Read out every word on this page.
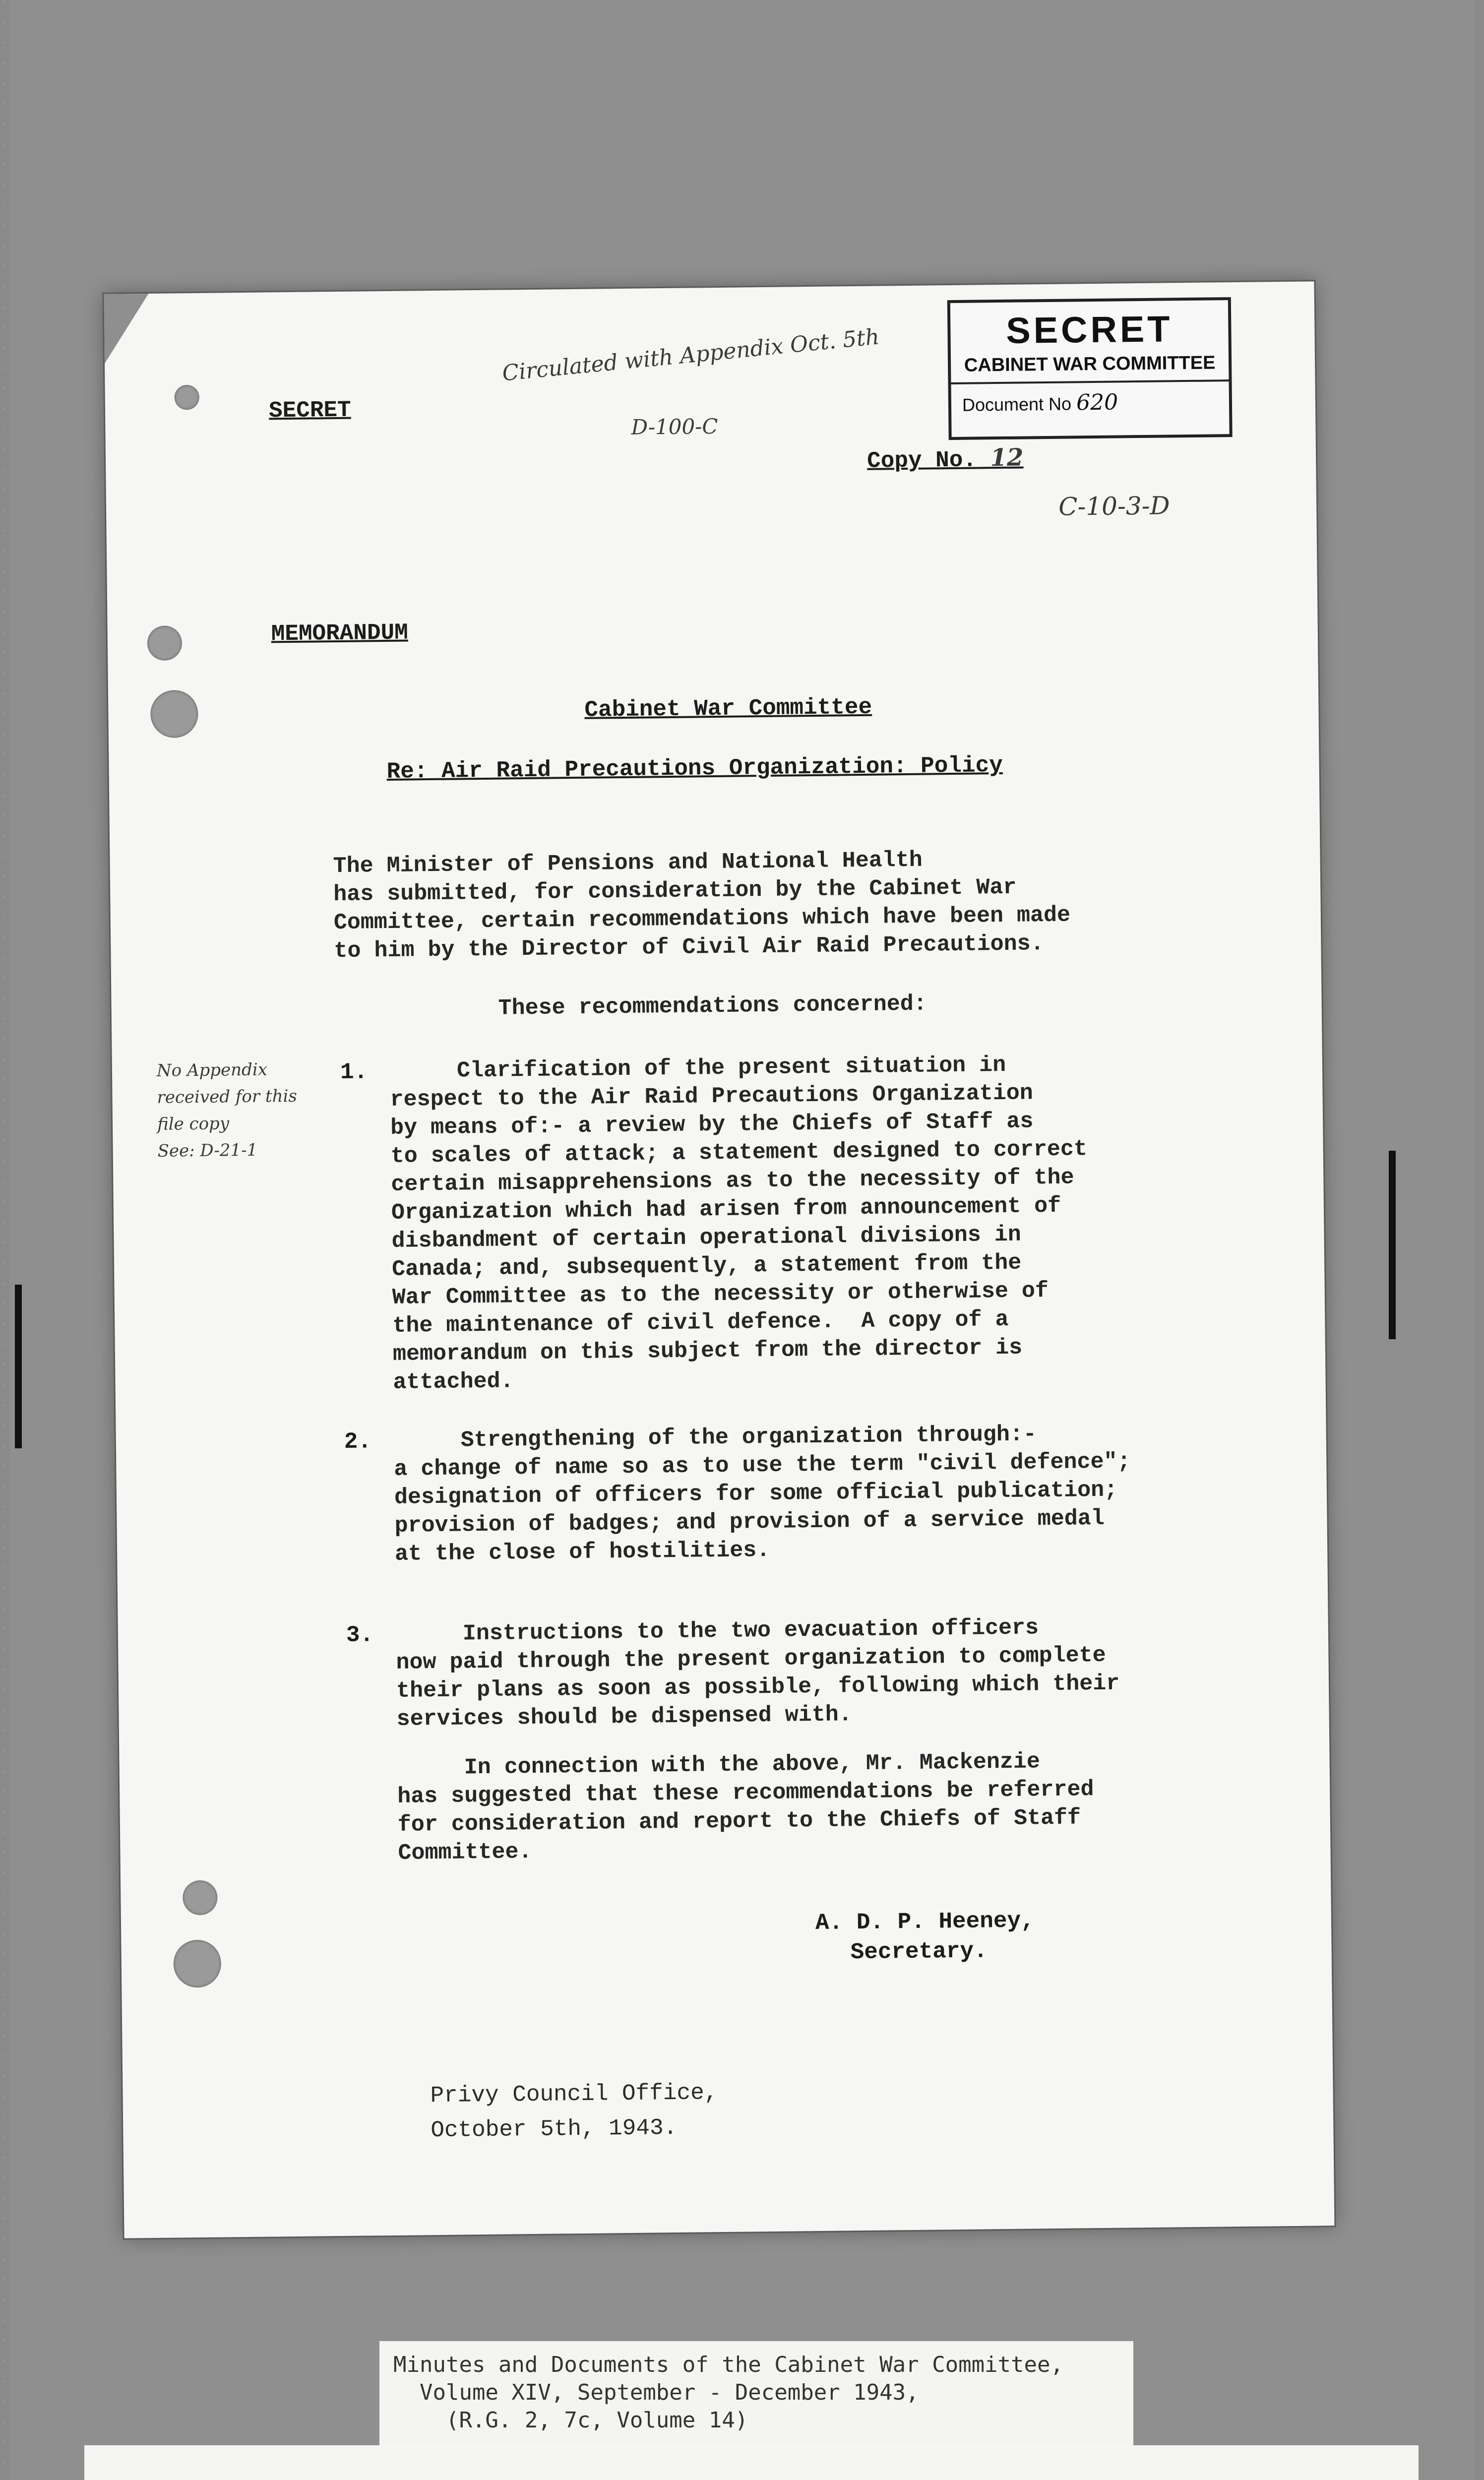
SECRET
CABINET WAR COMMITTEE
Document No 620
SECRET
Circulated with Appendix Oct. 5th
D-100-C
Copy No. 12
C-10-3-D
MEMORANDUM
Cabinet War Committee
Re: Air Raid Precautions Organization: Policy
The Minister of Pensions and National Health
has submitted, for consideration by the Cabinet War
Committee, certain recommendations which have been made
to him by the Director of Civil Air Raid Precautions.
These recommendations concerned:
No Appendix
received for this
file copy
See: D-21-1
1. Clarification of the present situation in
respect to the Air Raid Precautions Organization
by means of:- a review by the Chiefs of Staff as
to scales of attack; a statement designed to correct
certain misapprehensions as to the necessity of the
Organization which had arisen from announcement of
disbandment of certain operational divisions in
Canada; and, subsequently, a statement from the
War Committee as to the necessity or otherwise of
the maintenance of civil defence.  A copy of a
memorandum on this subject from the director is
attached.
2. Strengthening of the organization through:-
a change of name so as to use the term "civil defence";
designation of officers for some official publication;
provision of badges; and provision of a service medal
at the close of hostilities.
3. Instructions to the two evacuation officers
now paid through the present organization to complete
their plans as soon as possible, following which their
services should be dispensed with.
In connection with the above, Mr. Mackenzie
has suggested that these recommendations be referred
for consideration and report to the Chiefs of Staff
Committee.
A. D. P. Heeney,
Secretary.
Privy Council Office,
October 5th, 1943.
Minutes and Documents of the Cabinet War Committee,
Volume XIV, September - December 1943,
(R.G. 2, 7c, Volume 14)
